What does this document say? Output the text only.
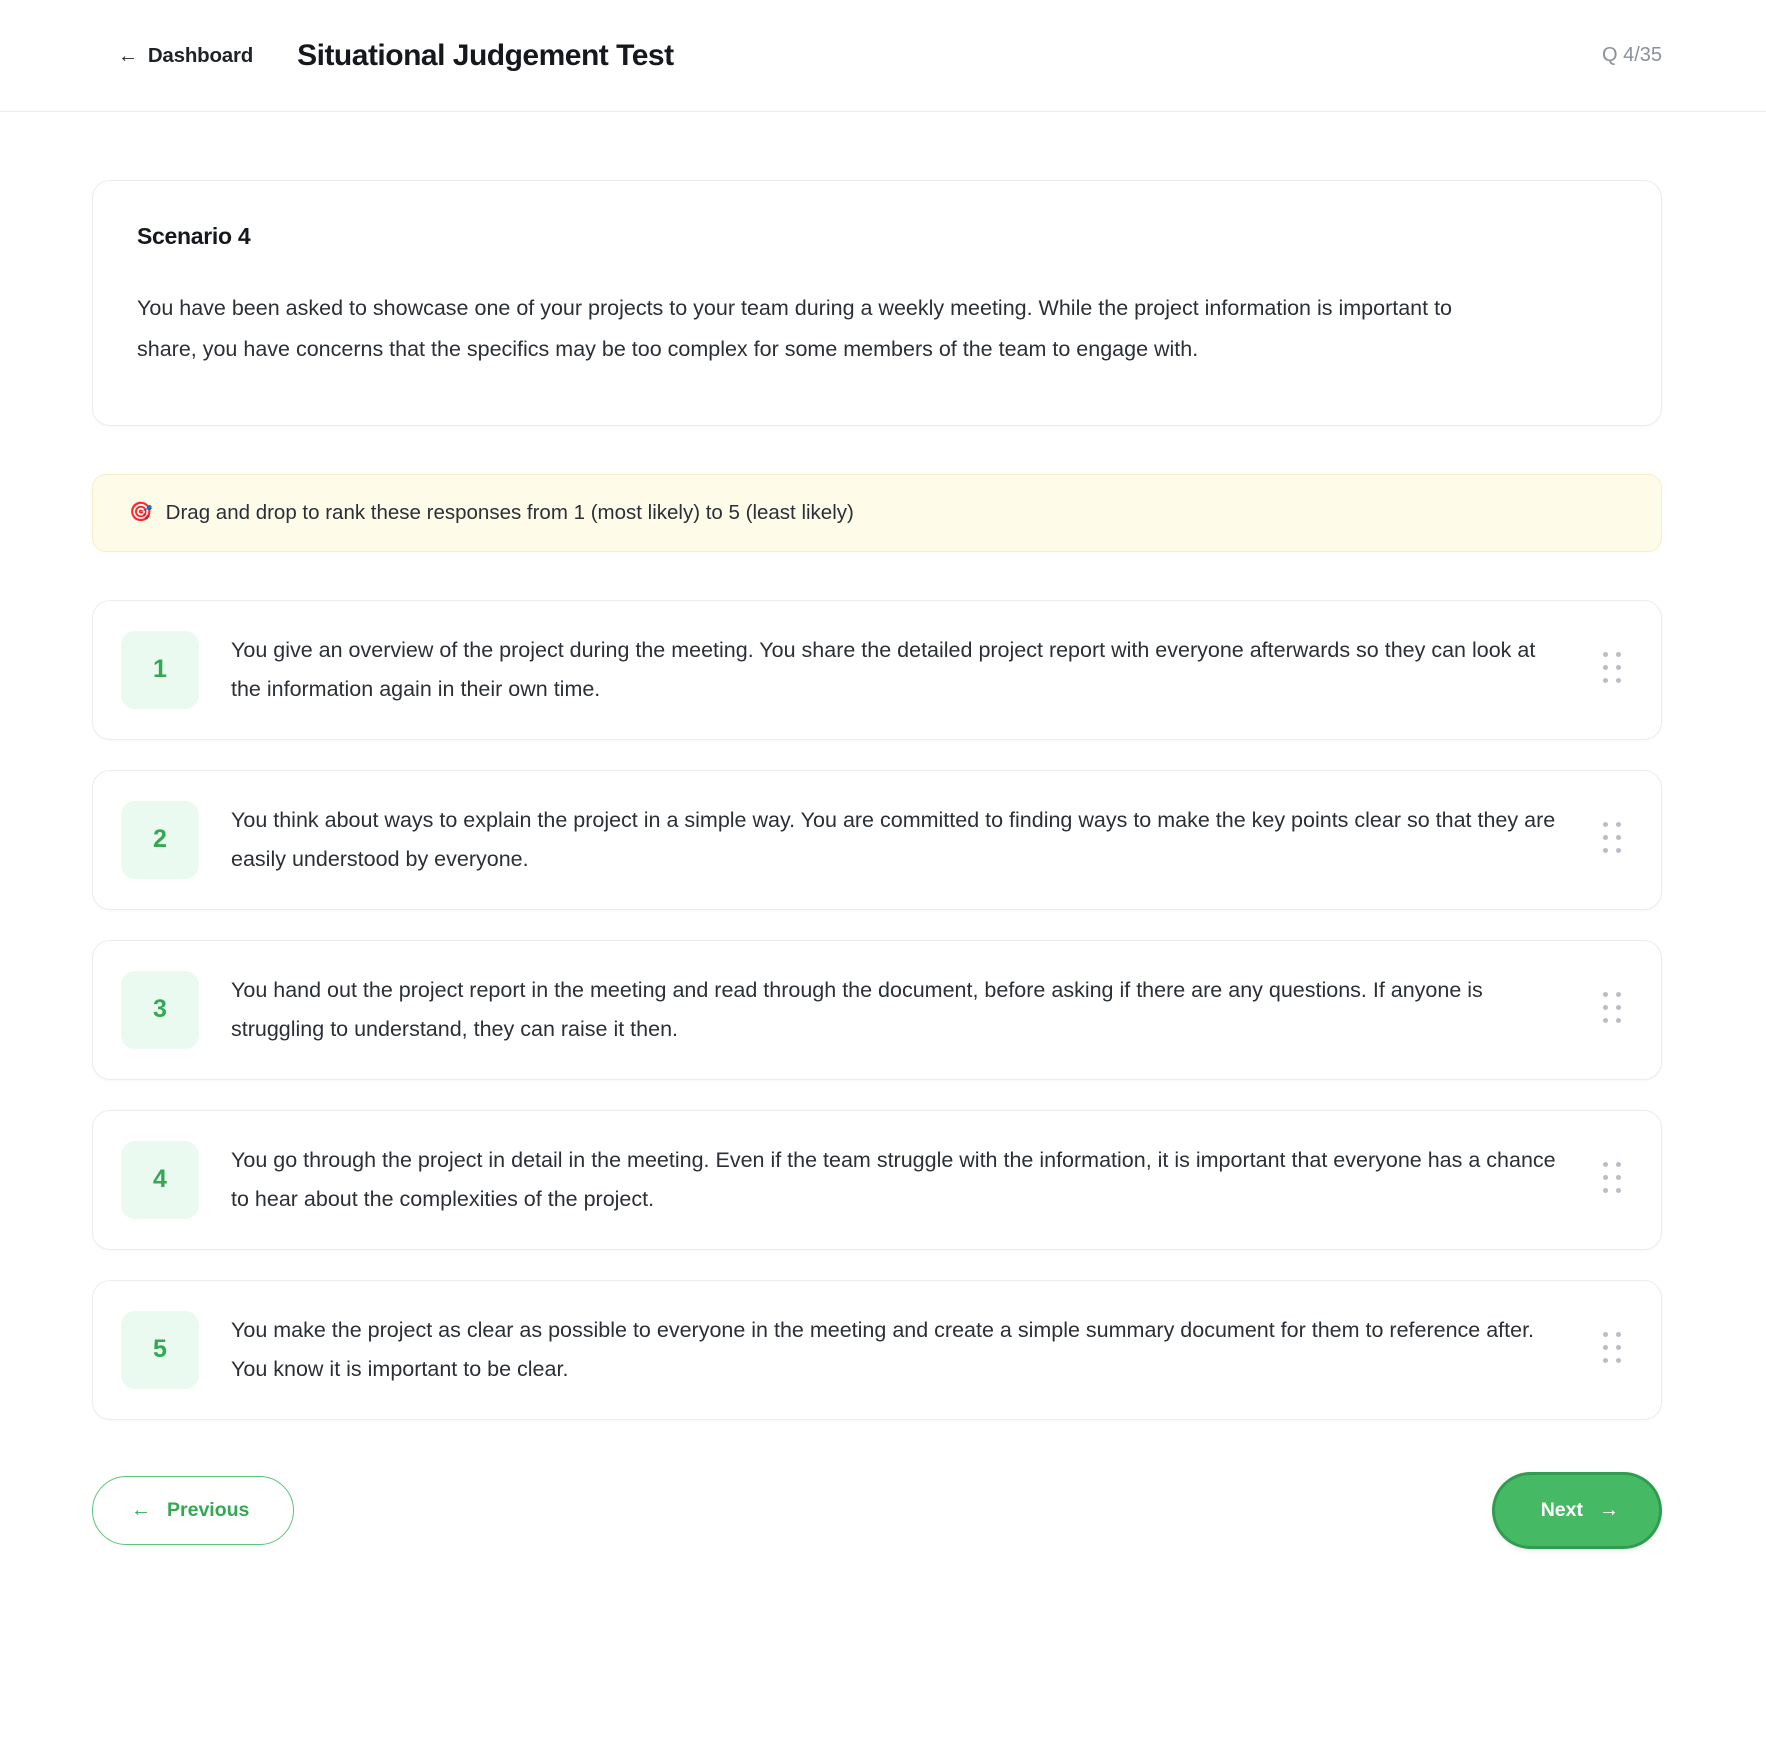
← Dashboard Situational Judgement Test	Q 4/35
Scenario 4

You have been asked to showcase one of your projects to your team during a weekly meeting. While the project information is important to share, you have concerns that the specifics may be too complex for some members of the team to engage with.

🎯 Drag and drop to rank these responses from 1 (most likely) to 5 (least likely)
1
You give an overview of the project during the meeting. You share the detailed project report with everyone afterwards so they can look at the information again in their own time.
2
You think about ways to explain the project in a simple way. You are committed to finding ways to make the key points clear so that they are easily understood by everyone.
3
You hand out the project report in the meeting and read through the document, before asking if there are any questions. If anyone is struggling to understand, they can raise it then.
4
You go through the project in detail in the meeting. Even if the team struggle with the information, it is important that everyone has a chance to hear about the complexities of the project.
5
You make the project as clear as possible to everyone in the meeting and create a simple summary document for them to reference after. You know it is important to be clear.
← Previous	Next →
